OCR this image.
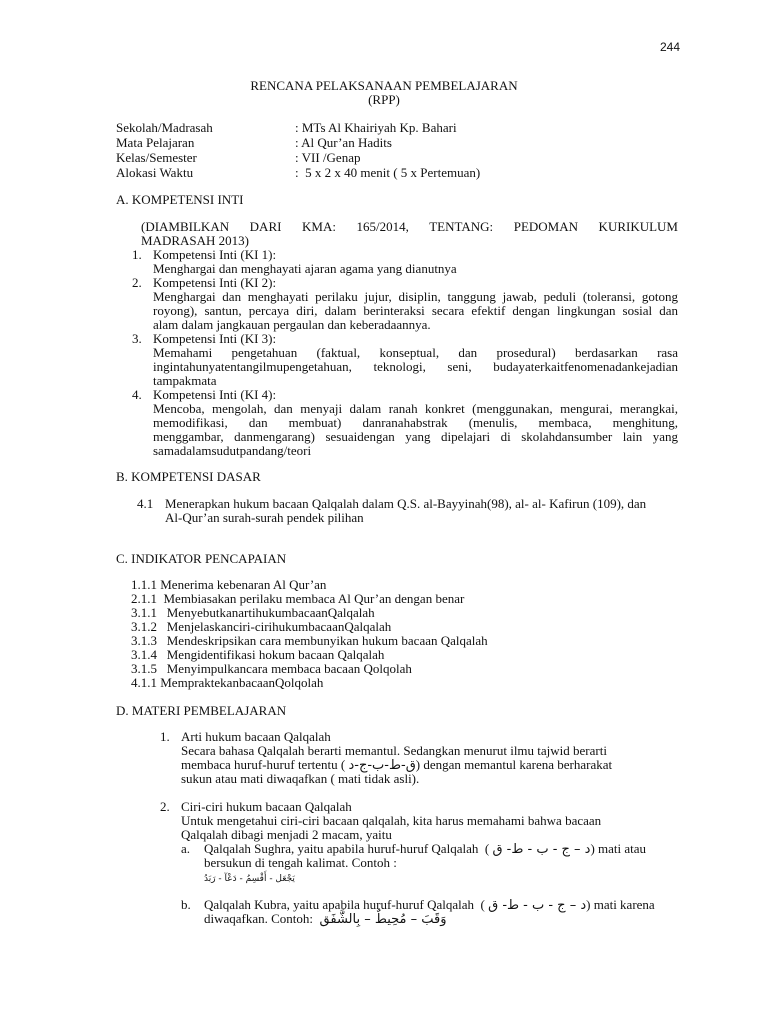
244
RENCANA PELAKSANAAN PEMBELAJARAN
(RPP)
Sekolah/Madrasah	: MTs Al Khairiyah Kp. Bahari
Mata Pelajaran	: Al Qur’an Hadits
Kelas/Semester	: VII /Genap
Alokasi Waktu	:  5 x 2 x 40 menit ( 5 x Pertemuan)
A. KOMPETENSI INTI
(DIAMBILKAN DARI KMA: 165/2014, TENTANG: PEDOMAN KURIKULUM
MADRASAH 2013)
1. Kompetensi Inti (KI 1):
Menghargai dan menghayati ajaran agama yang dianutnya
2. Kompetensi Inti (KI 2):
Menghargai dan menghayati perilaku jujur, disiplin, tanggung jawab, peduli (toleransi, gotong
royong), santun, percaya diri, dalam berinteraksi secara efektif dengan lingkungan sosial dan
alam dalam jangkauan pergaulan dan keberadaannya.
3. Kompetensi Inti (KI 3):
Memahami pengetahuan (faktual, konseptual, dan prosedural) berdasarkan rasa
ingintahunyatentangilmupengetahuan, teknologi, seni, budayaterkaitfenomenadankejadian
tampakmata
4. Kompetensi Inti (KI 4):
Mencoba, mengolah, dan menyaji dalam ranah konkret (menggunakan, mengurai, merangkai,
memodifikasi, dan membuat) danranahabstrak (menulis, membaca, menghitung,
menggambar, danmengarang) sesuaidengan yang dipelajari di skolahdansumber lain yang
samadalamsudutpandang/teori
B. KOMPETENSI DASAR
4.1 Menerapkan hukum bacaan Qalqalah dalam Q.S. al-Bayyinah(98), al- al- Kafirun (109), dan
Al-Qur’an surah-surah pendek pilihan
C. INDIKATOR PENCAPAIAN
1.1.1 Menerima kebenaran Al Qur’an
2.1.1  Membiasakan perilaku membaca Al Qur’an dengan benar
3.1.1   MenyebutkanartihukumbacaanQalqalah
3.1.2   Menjelaskanciri-cirihukumbacaanQalqalah
3.1.3   Mendeskripsikan cara membunyikan hukum bacaan Qalqalah
3.1.4   Mengidentifikasi hokum bacaan Qalqalah
3.1.5   Menyimpulkancara membaca bacaan Qolqolah
4.1.1 MempraktekanbacaanQolqolah
D. MATERI PEMBELAJARAN
1. Arti hukum bacaan Qalqalah
Secara bahasa Qalqalah berarti memantul. Sedangkan menurut ilmu tajwid berarti
membaca huruf-huruf tertentu ( ق-ط-ب-ج-د) dengan memantul karena berharakat
sukun atau mati diwaqafkan ( mati tidak asli).
2. Ciri-ciri hukum bacaan Qalqalah
Untuk mengetahui ciri-ciri bacaan qalqalah, kita harus memahami bahwa bacaan
Qalqalah dibagi menjadi 2 macam, yaitu
a. Qalqalah Sughra, yaitu apabila huruf-huruf Qalqalah  ( د – ج - ب - ط- ق) mati atau
bersukun di tengah kalimat. Contoh :
يَجْعَل - أَقْسِمُ - دَعْآ - رَبَدُ
b. Qalqalah Kubra, yaitu apabila huruf-huruf Qalqalah  ( د – ج - ب - ط- ق) mati karena
diwaqafkan. Contoh:  وَقَبَ – مُحِيطٌ – بِالشَّفَق
